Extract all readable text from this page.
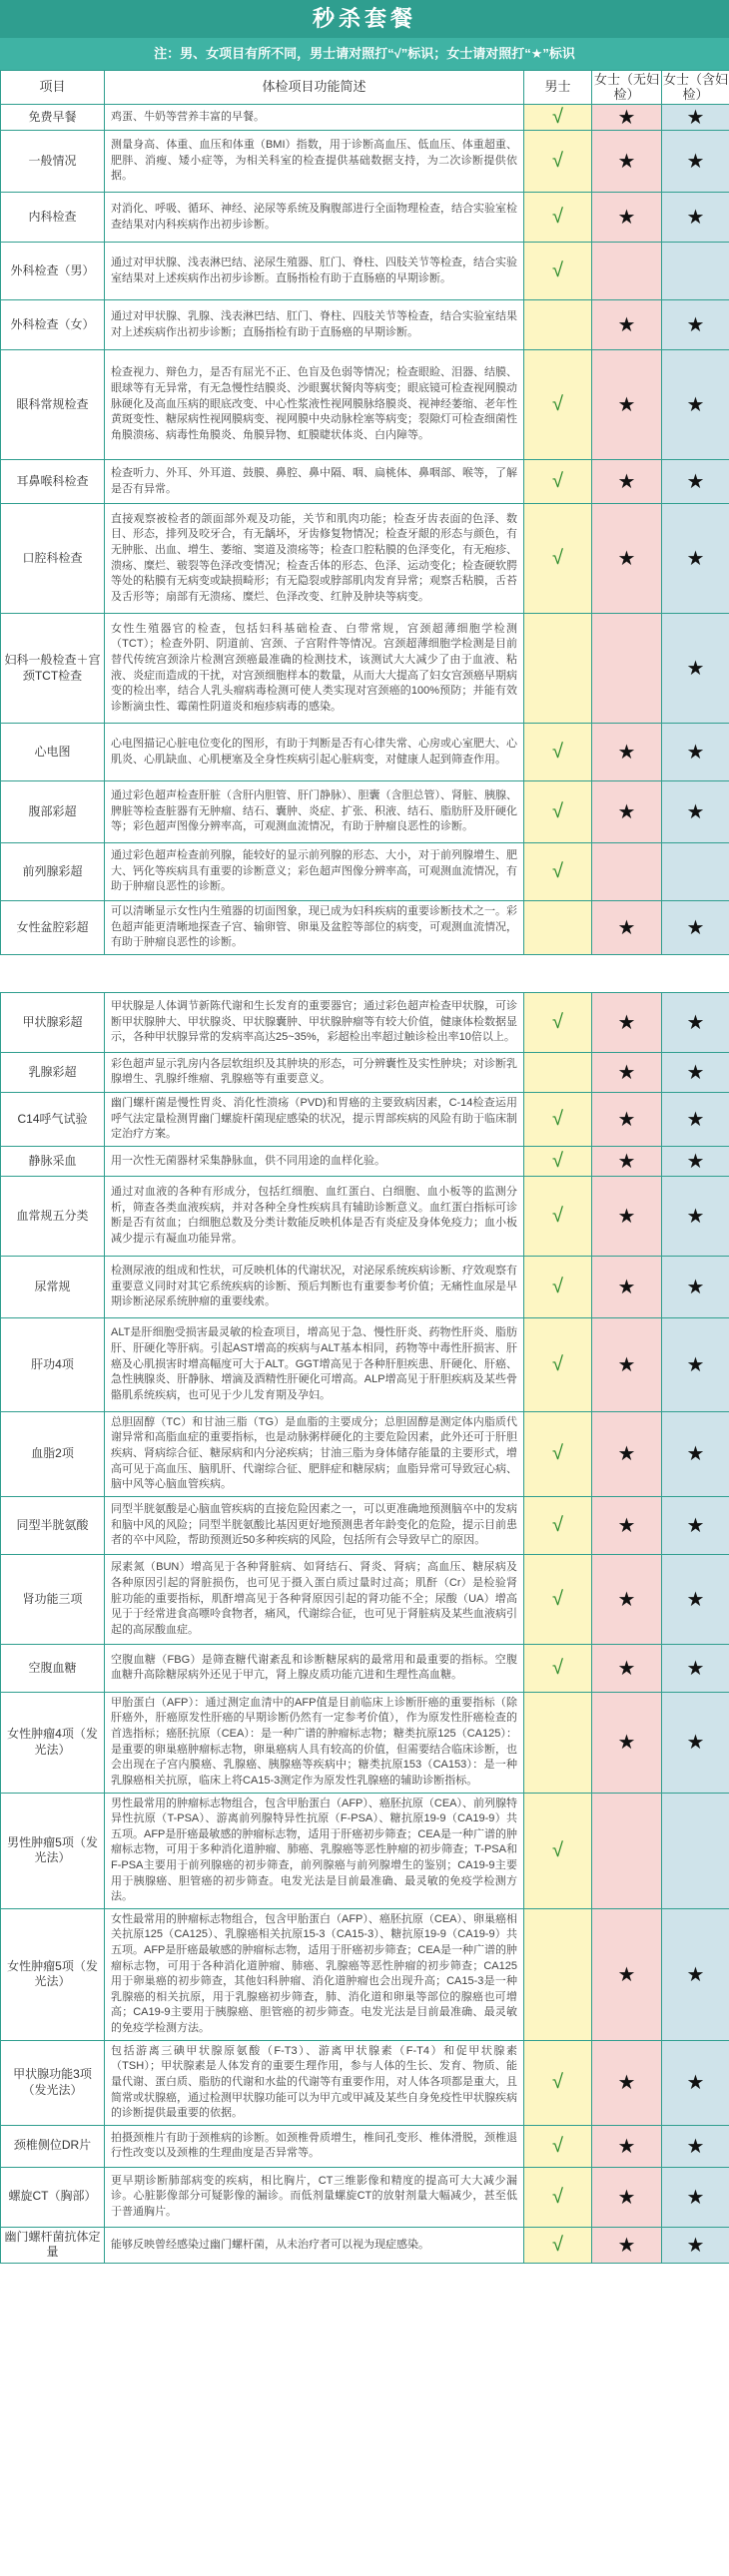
秒杀套餐
注：男、女项目有所不同，男士请对照打“√”标识；女士请对照打“★”标识
项目	体检项目功能简述	男士	女士（无妇检）	女士（含妇检）
免费早餐	鸡蛋、牛奶等营养丰富的早餐。	√	★	★
一般情况	测量身高、体重、血压和体重（BMI）指数，用于诊断高血压、低血压、体重超重、肥胖、消瘦、矮小症等，为相关科室的检查提供基础数据支持，为二次诊断提供依据。	√	★	★
内科检查	对消化、呼吸、循环、神经、泌尿等系统及胸腹部进行全面物理检查，结合实验室检查结果对内科疾病作出初步诊断。	√	★	★
外科检查（男）	通过对甲状腺、浅表淋巴结、泌尿生殖器、肛门、脊柱、四肢关节等检查，结合实验室结果对上述疾病作出初步诊断。直肠指检有助于直肠癌的早期诊断。	√		
外科检查（女）	通过对甲状腺、乳腺、浅表淋巴结、肛门、脊柱、四肢关节等检查，结合实验室结果对上述疾病作出初步诊断；直肠指检有助于直肠癌的早期诊断。		★	★
眼科常规检查	检查视力、辩色力，是否有屈光不正、色盲及色弱等情况；检查眼睑、泪器、结膜、眼球等有无异常，有无急慢性结膜炎、沙眼翼状胬肉等病变；眼底镜可检查视网膜动脉硬化及高血压病的眼底改变、中心性浆液性视网膜脉络膜炎、视神经萎缩、老年性黄斑变性、糖尿病性视网膜病变、视网膜中央动脉栓塞等病变；裂隙灯可检查细菌性角膜溃疡、病毒性角膜炎、角膜异物、虹膜睫状体炎、白内障等。	√	★	★
耳鼻喉科检查	检查听力、外耳、外耳道、鼓膜、鼻腔、鼻中隔、咽、扁桃体、鼻咽部、喉等，了解是否有异常。	√	★	★
口腔科检查	直接观察被检者的颌面部外观及功能，关节和肌肉功能；检查牙齿表面的色泽、数目、形态，排列及咬牙合，有无龋坏，牙齿修复物情况；检查牙龈的形态与颜色，有无肿胀、出血、增生、萎缩、窦道及溃疡等；检查口腔粘膜的色泽变化，有无疱疹、溃疡、糜烂、皲裂等色泽改变情况；检查舌体的形态、色泽、运动变化；检查硬软腭等处的粘膜有无病变或缺损畸形；有无隐裂或脖部肌肉发育异常；观察舌粘膜，舌苔及舌形等；扇部有无溃疡、糜烂、色泽改变、红肿及肿块等病变。	√	★	★
妇科一般检查＋宫颈TCT检查	女性生殖器官的检查，包括妇科基础检查、白带常规，宫颈超薄细胞学检测（TCT）；检查外阴、阴道前、宫颈、子宫附件等情况。宫颈超薄细胞学检测是目前替代传统宫颈涂片检测宫颈癌最准确的检测技术，该测试大大减少了由于血液、粘液、炎症而造成的干扰，对宫颈细胞样本的数量，从而大大提高了妇女宫颈癌早期病变的检出率，结合人乳头瘤病毒检测可使人类实现对宫颈癌的100%预防；并能有效诊断滴虫性、霉菌性阴道炎和疱疹病毒的感染。			★
心电图	心电图描记心脏电位变化的图形，有助于判断是否有心律失常、心房或心室肥大、心肌炎、心肌缺血、心肌梗塞及全身性疾病引起心脏病变，对健康人起到筛查作用。	√	★	★
腹部彩超	通过彩色超声检查肝脏（含肝内胆管、肝门静脉）、胆囊（含胆总管）、肾脏、胰腺、脾脏等检查脏器有无肿瘤、结石、囊肿、炎症、扩张、积液、结石、脂肪肝及肝硬化等；彩色超声图像分辨率高，可观测血流情况，有助于肿瘤良恶性的诊断。	√	★	★
前列腺彩超	通过彩色超声检查前列腺，能较好的显示前列腺的形态、大小，对于前列腺增生、肥大、钙化等疾病具有重要的诊断意义；彩色超声图像分辨率高，可观测血流情况，有助于肿瘤良恶性的诊断。	√		
女性盆腔彩超	可以清晰显示女性内生殖器的切面图象，现已成为妇科疾病的重要诊断技术之一。彩色超声能更清晰地探查子宫、输卵管、卵巢及盆腔等部位的病变，可观测血流情况，有助于肿瘤良恶性的诊断。		★	★

甲状腺彩超	甲状腺是人体调节新陈代谢和生长发育的重要器官；通过彩色超声检查甲状腺，可诊断甲状腺肿大、甲状腺炎、甲状腺囊肿、甲状腺肿瘤等有较大价值，健康体检数据显示，各种甲状腺异常的发病率高达25~35%，彩超检出率超过触诊检出率10倍以上。	√	★	★
乳腺彩超	彩色超声显示乳房内各层软组织及其肿块的形态，可分辨囊性及实性肿块；对诊断乳腺增生、乳腺纤维瘤、乳腺癌等有重要意义。		★	★
C14呼气试验	幽门螺杆菌是慢性胃炎、消化性溃疡（PVD)和胃癌的主要致病因素，C-14检查运用呼气法定量检测胃幽门螺旋杆菌现症感染的状况，提示胃部疾病的风险有助于临床制定治疗方案。	√	★	★
静脉采血	用一次性无菌器材采集静脉血，供不同用途的血样化验。	√	★	★
血常规五分类	通过对血液的各种有形成分，包括红细胞、血红蛋白、白细胞、血小板等的监测分析，筛查各类血液疾病，并对各种全身性疾病具有辅助诊断意义。血红蛋白指标可诊断是否有贫血；白细胞总数及分类计数能反映机体是否有炎症及身体免疫力；血小板减少提示有凝血功能异常。	√	★	★
尿常规	检测尿液的组成和性状，可反映机体的代谢状况，对泌尿系统疾病诊断、疗效观察有重要意义同时对其它系统疾病的诊断、预后判断也有重要参考价值；无痛性血尿是早期诊断泌尿系统肿瘤的重要线索。	√	★	★
肝功4项	ALT是肝细胞受损害最灵敏的检查项目，增高见于急、慢性肝炎、药物性肝炎、脂肪肝、肝硬化等肝病。引起AST增高的疾病与ALT基本相同，药物等中毒性肝损害、肝癌及心肌损害时增高幅度可大于ALT。GGT增高见于各种肝胆疾患、肝硬化、肝癌、急性胰腺炎、肝静脉、增滴及酒精性肝硬化可增高。ALP增高见于肝胆疾病及某些骨骼肌系统疾病，也可见于少儿发育期及孕妇。	√	★	★
血脂2项	总胆固醇（TC）和甘油三脂（TG）是血脂的主要成分；总胆固醇是测定体内脂质代谢异常和高脂血症的重要指标，也是动脉粥样硬化的主要危险因素，此外还可于肝胆疾病、肾病综合征、糖尿病和内分泌疾病；甘油三脂为身体储存能量的主要形式，增高可见于高血压、脑肌肝、代谢综合征、肥胖症和糖尿病；血脂异常可导致冠心病、脑中风等心脑血管疾病。	√	★	★
同型半胱氨酸	同型半胱氨酸是心脑血管疾病的直接危险因素之一，可以更准确地预测脑卒中的发病和脑中风的风险；同型半胱氨酸比基因更好地预测患者年龄变化的危险，提示目前患者的卒中风险，帮助预测近50多种疾病的风险，包括所有会导致早亡的原因。	√	★	★
肾功能三项	尿素氮（BUN）增高见于各种肾脏病、如肾结石、肾炎、肾病；高血压、糖尿病及各种原因引起的肾脏损伤，也可见于摄入蛋白质过量时过高；肌酐（Cr）是检验肾脏功能的重要指标，肌酐增高见于各种肾原因引起的肾功能不全；尿酸（UA）增高见于于经常进食高嘌呤食物者，痛风，代谢综合征，也可见于肾脏病及某些血液病引起的高尿酸血症。	√	★	★
空腹血糖	空腹血糖（FBG）是筛查糖代谢紊乱和诊断糖尿病的最常用和最重要的指标。空腹血糖升高除糖尿病外还见于甲亢，肾上腺皮质功能亢进和生理性高血糖。	√	★	★
女性肿瘤4项（发光法）	甲胎蛋白（AFP）：通过测定血清中的AFP值是目前临床上诊断肝癌的重要指标（除肝癌外，肝癌原发性肝癌的早期诊断仍然有一定参考价值），作为原发性肝癌检查的首选指标；癌胚抗原（CEA）：是一种广谱的肿瘤标志物；糖类抗原125（CA125）：是重要的卵巢癌肿瘤标志物，卵巢癌病人具有较高的价值，但需要结合临床诊断，也会出现在子宫内膜癌、乳腺癌、胰腺癌等疾病中；糖类抗原153（CA153）：是一种乳腺癌相关抗原，临床上将CA15-3测定作为原发性乳腺癌的辅助诊断指标。		★	★
男性肿瘤5项（发光法）	男性最常用的肿瘤标志物组合，包含甲胎蛋白（AFP）、癌胚抗原（CEA）、前列腺特异性抗原（T-PSA）、游离前列腺特异性抗原（F-PSA）、糖抗原19-9（CA19-9）共五项。AFP是肝癌最敏感的肿瘤标志物，适用于肝癌初步筛查；CEA是一种广谱的肿瘤标志物，可用于多种消化道肿瘤、肺癌、乳腺癌等恶性肿瘤的初步筛查；T-PSA和F-PSA主要用于前列腺癌的初步筛查，前列腺癌与前列腺增生的鉴别；CA19-9主要用于胰腺癌、胆管癌的初步筛查。电发光法是目前最准确、最灵敏的免疫学检测方法。	√		
女性肿瘤5项（发光法）	女性最常用的肿瘤标志物组合，包含甲胎蛋白（AFP）、癌胚抗原（CEA）、卵巢癌相关抗原125（CA125）、乳腺癌相关抗原15-3（CA15-3）、糖抗原19-9（CA19-9）共五项。AFP是肝癌最敏感的肿瘤标志物，适用于肝癌初步筛查；CEA是一种广谱的肿瘤标志物，可用于各种消化道肿瘤、肺癌、乳腺癌等恶性肿瘤的初步筛查；CA125用于卵巢癌的初步筛查，其他妇科肿瘤、消化道肿瘤也会出现升高；CA15-3是一种乳腺癌的相关抗原，用于乳腺癌初步筛查，肺、消化道和卵巢等部位的腺癌也可增高；CA19-9主要用于胰腺癌、胆管癌的初步筛查。电发光法是目前最准确、最灵敏的免疫学检测方法。		★	★
甲状腺功能3项（发光法）	包括游离三碘甲状腺原氨酸（F-T3）、游离甲状腺素（F-T4）和促甲状腺素（TSH）；甲状腺素是人体发育的重要生理作用，参与人体的生长、发育、物质、能量代谢、蛋白质、脂肪的代谢和水盐的代谢等有重要作用，对人体各项都是重大，且简常或状腺癌，通过检测甲状腺功能可以为甲亢或甲减及某些自身免疫性甲状腺疾病的诊断提供最重要的依据。	√	★	★
颈椎侧位DR片	拍摄颈椎片有助于颈椎病的诊断。如颈椎骨质增生，椎间孔变形、椎体滑脱，颈椎退行性改变以及颈椎的生理曲度是否异常等。	√	★	★
螺旋CT（胸部）	更早期诊断肺部病变的疾病，相比胸片，CT三维影像和精度的提高可大大减少漏诊。心脏影像部分可疑影像的漏诊。而低剂量螺旋CT的放射剂量大幅减少，甚至低于普通胸片。	√	★	★
幽门螺杆菌抗体定量	能够反映曾经感染过幽门螺杆菌，从未治疗者可以视为现症感染。	√	★	★
